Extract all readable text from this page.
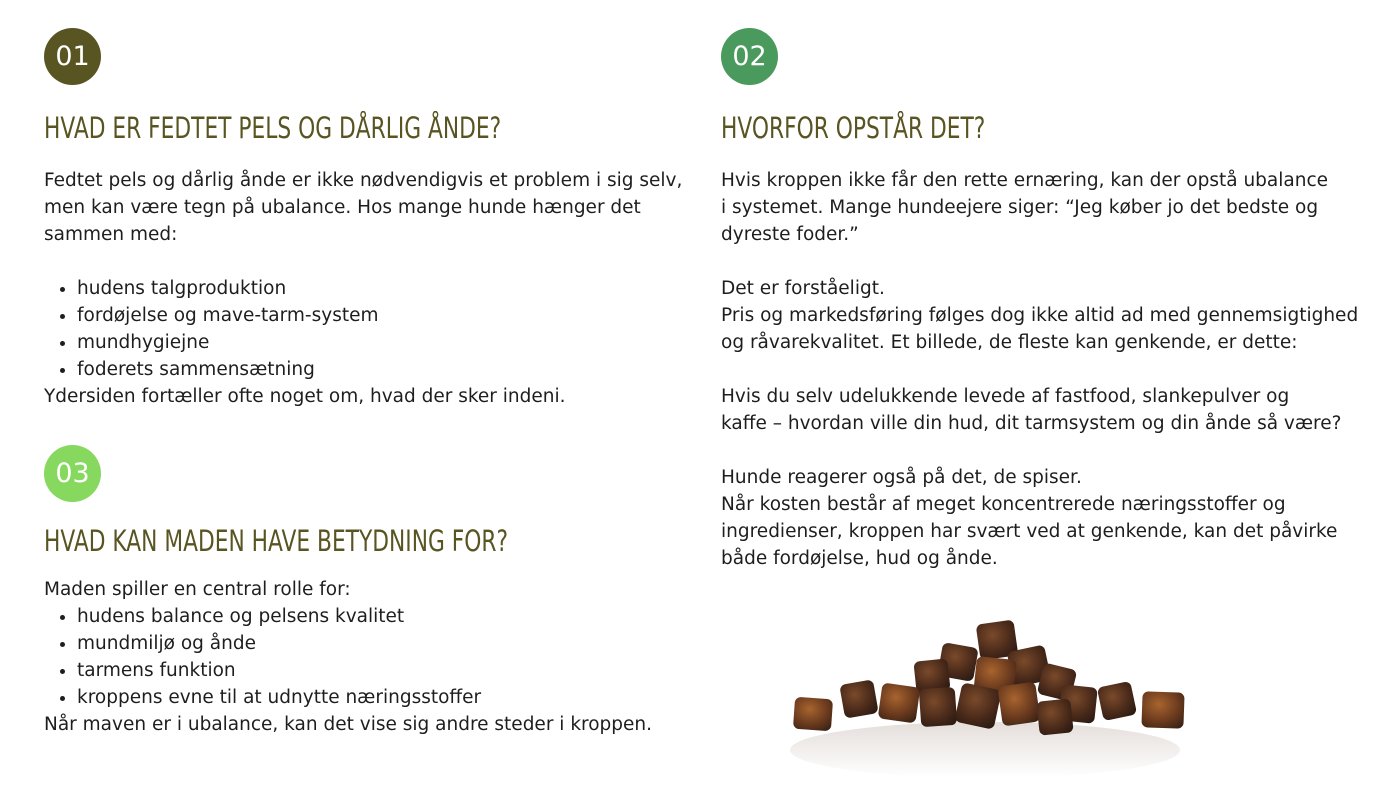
01
HVAD ER FEDTET PELS OG DÅRLIG ÅNDE?

Fedtet pels og dårlig ånde er ikke nødvendigvis et problem i sig selv,

men kan være tegn på ubalance. Hos mange hunde hænger det

sammen med:

• hudens talgproduktion
• fordøjelse og mave-tarm-system
• mundhygiejne
• foderets sammensætning

Ydersiden fortæller ofte noget om, hvad der sker indeni.

02
HVORFOR OPSTÅR DET?

Hvis kroppen ikke får den rette ernæring, kan der opstå ubalance

i systemet. Mange hundeejere siger: “Jeg køber jo det bedste og

dyreste foder.”

Det er forståeligt.

Pris og markedsføring følges dog ikke altid ad med gennemsigtighed

og råvarekvalitet. Et billede, de fleste kan genkende, er dette:

Hvis du selv udelukkende levede af fastfood, slankepulver og

kaffe – hvordan ville din hud, dit tarmsystem og din ånde så være?

Hunde reagerer også på det, de spiser.

Når kosten består af meget koncentrerede næringsstoffer og

ingredienser, kroppen har svært ved at genkende, kan det påvirke

både fordøjelse, hud og ånde.

03
HVAD KAN MADEN HAVE BETYDNING FOR?

Maden spiller en central rolle for:

• hudens balance og pelsens kvalitet
• mundmiljø og ånde
• tarmens funktion
• kroppens evne til at udnytte næringsstoffer

Når maven er i ubalance, kan det vise sig andre steder i kroppen.
